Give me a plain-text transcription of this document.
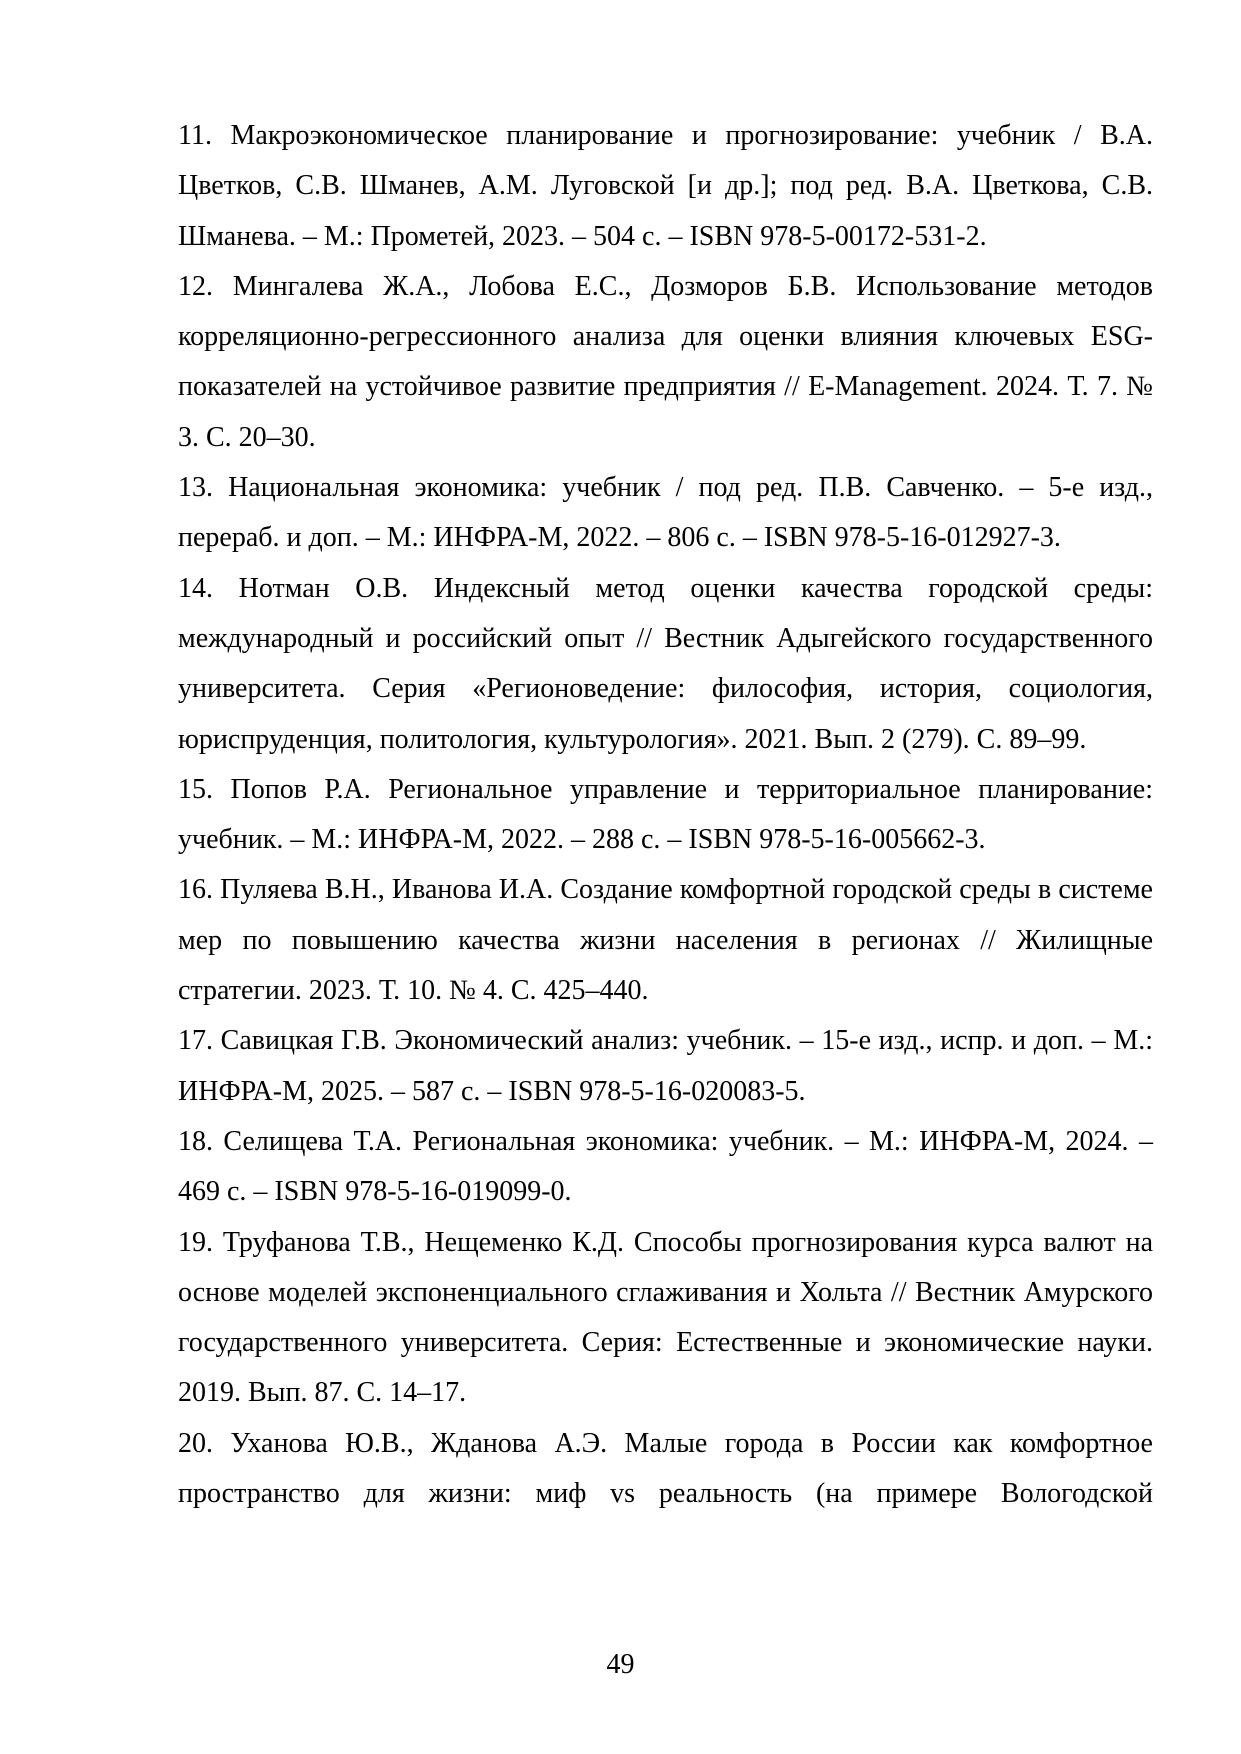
11. Макроэкономическое планирование и прогнозирование: учебник / В.А. Цветков, С.В. Шманев, А.М. Луговской [и др.]; под ред. В.А. Цветкова, С.В. Шманева. – М.: Прометей, 2023. – 504 с. – ISBN 978-5-00172-531-2.

12. Мингалева Ж.А., Лобова Е.С., Дозморов Б.В. Использование методов корреляционно-регрессионного анализа для оценки влияния ключевых ESG-показателей на устойчивое развитие предприятия // E-Management. 2024. Т. 7. № 3. С. 20–30.

13. Национальная экономика: учебник / под ред. П.В. Савченко. – 5-е изд., перераб. и доп. – М.: ИНФРА-М, 2022. – 806 с. – ISBN 978-5-16-012927-3.

14. Нотман О.В. Индексный метод оценки качества городской среды: международный и российский опыт // Вестник Адыгейского государственного университета. Серия «Регионоведение: философия, история, социология, юриспруденция, политология, культурология». 2021. Вып. 2 (279). С. 89–99.

15. Попов Р.А. Региональное управление и территориальное планирование: учебник. – М.: ИНФРА-М, 2022. – 288 с. – ISBN 978-5-16-005662-3.

16. Пуляева В.Н., Иванова И.А. Создание комфортной городской среды в системе мер по повышению качества жизни населения в регионах // Жилищные стратегии. 2023. Т. 10. № 4. С. 425–440.

17. Савицкая Г.В. Экономический анализ: учебник. – 15-е изд., испр. и доп. – М.: ИНФРА-М, 2025. – 587 с. – ISBN 978-5-16-020083-5.

18. Селищева Т.А. Региональная экономика: учебник. – М.: ИНФРА-М, 2024. – 469 с. – ISBN 978-5-16-019099-0.

19. Труфанова Т.В., Нещеменко К.Д. Способы прогнозирования курса валют на основе моделей экспоненциального сглаживания и Хольта // Вестник Амурского государственного университета. Серия: Естественные и экономические науки. 2019. Вып. 87. С. 14–17.

20. Уханова Ю.В., Жданова А.Э. Малые города в России как комфортное пространство для жизни: миф vs реальность (на примере Вологодской

49
